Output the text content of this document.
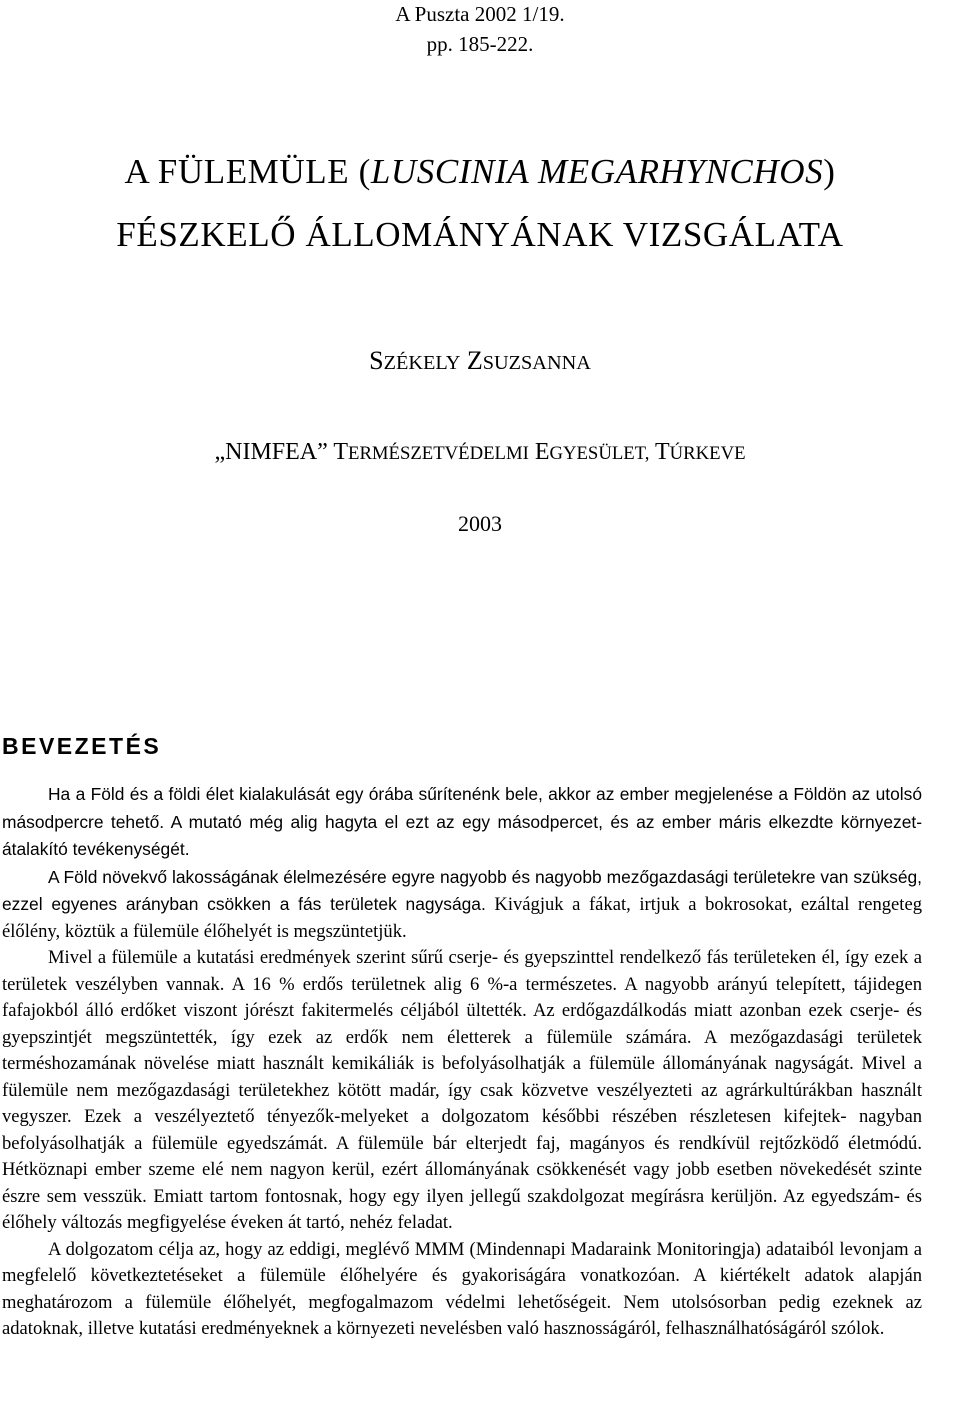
A Puszta 2002 1/19.
pp. 185-222.
A FÜLEMÜLE (LUSCINIA MEGARHYNCHOS)
FÉSZKELŐ ÁLLOMÁNYÁNAK VIZSGÁLATA
SZÉKELY ZSUZSANNA
„NIMFEA” TERMÉSZETVÉDELMI EGYESÜLET, TÚRKEVE
2003
BEVEZETÉS

Ha a Föld és a földi élet kialakulását egy órába sűrítenénk bele, akkor az ember megjelenése a Földön az utolsó másodpercre tehető. A mutató még alig hagyta el ezt az egy másodpercet, és az ember máris elkezdte környezet-átalakító tevékenységét.

A Föld növekvő lakosságának élelmezésére egyre nagyobb és nagyobb mezőgazdasági területekre van szükség, ezzel egyenes arányban csökken a fás területek nagysága. Kivágjuk a fákat, irtjuk a bokrosokat, ezáltal rengeteg élőlény, köztük a fülemüle élőhelyét is megszüntetjük.

Mivel a fülemüle a kutatási eredmények szerint sűrű cserje- és gyepszinttel rendelkező fás területeken él, így ezek a területek veszélyben vannak. A 16 % erdős területnek alig 6 %-a természetes. A nagyobb arányú telepített, tájidegen fafajokból álló erdőket viszont jórészt fakitermelés céljából ültették. Az erdőgazdálkodás miatt azonban ezek cserje- és gyepszintjét megszüntették, így ezek az erdők nem életterek a fülemüle számára. A mezőgazdasági területek terméshozamának növelése miatt használt kemikáliák is befolyásolhatják a fülemüle állományának nagyságát. Mivel a fülemüle nem mezőgazdasági területekhez kötött madár, így csak közvetve veszélyezteti az agrárkultúrákban használt vegyszer. Ezek a veszélyeztető tényezők-melyeket a dolgozatom későbbi részében részletesen kifejtek- nagyban befolyásolhatják a fülemüle egyedszámát. A fülemüle bár elterjedt faj, magányos és rendkívül rejtőzködő életmódú. Hétköznapi ember szeme elé nem nagyon kerül, ezért állományának csökkenését vagy jobb esetben növekedését szinte észre sem vesszük. Emiatt tartom fontosnak, hogy egy ilyen jellegű szakdolgozat megírásra kerüljön. Az egyedszám- és élőhely változás megfigyelése éveken át tartó, nehéz feladat.

A dolgozatom célja az, hogy az eddigi, meglévő MMM (Mindennapi Madaraink Monitoringja) adataiból levonjam a megfelelő következtetéseket a fülemüle élőhelyére és gyakoriságára vonatkozóan. A kiértékelt adatok alapján meghatározom a fülemüle élőhelyét, megfogalmazom védelmi lehetőségeit. Nem utolsósorban pedig ezeknek az adatoknak, illetve kutatási eredményeknek a környezeti nevelésben való hasznosságáról, felhasználhatóságáról szólok.
